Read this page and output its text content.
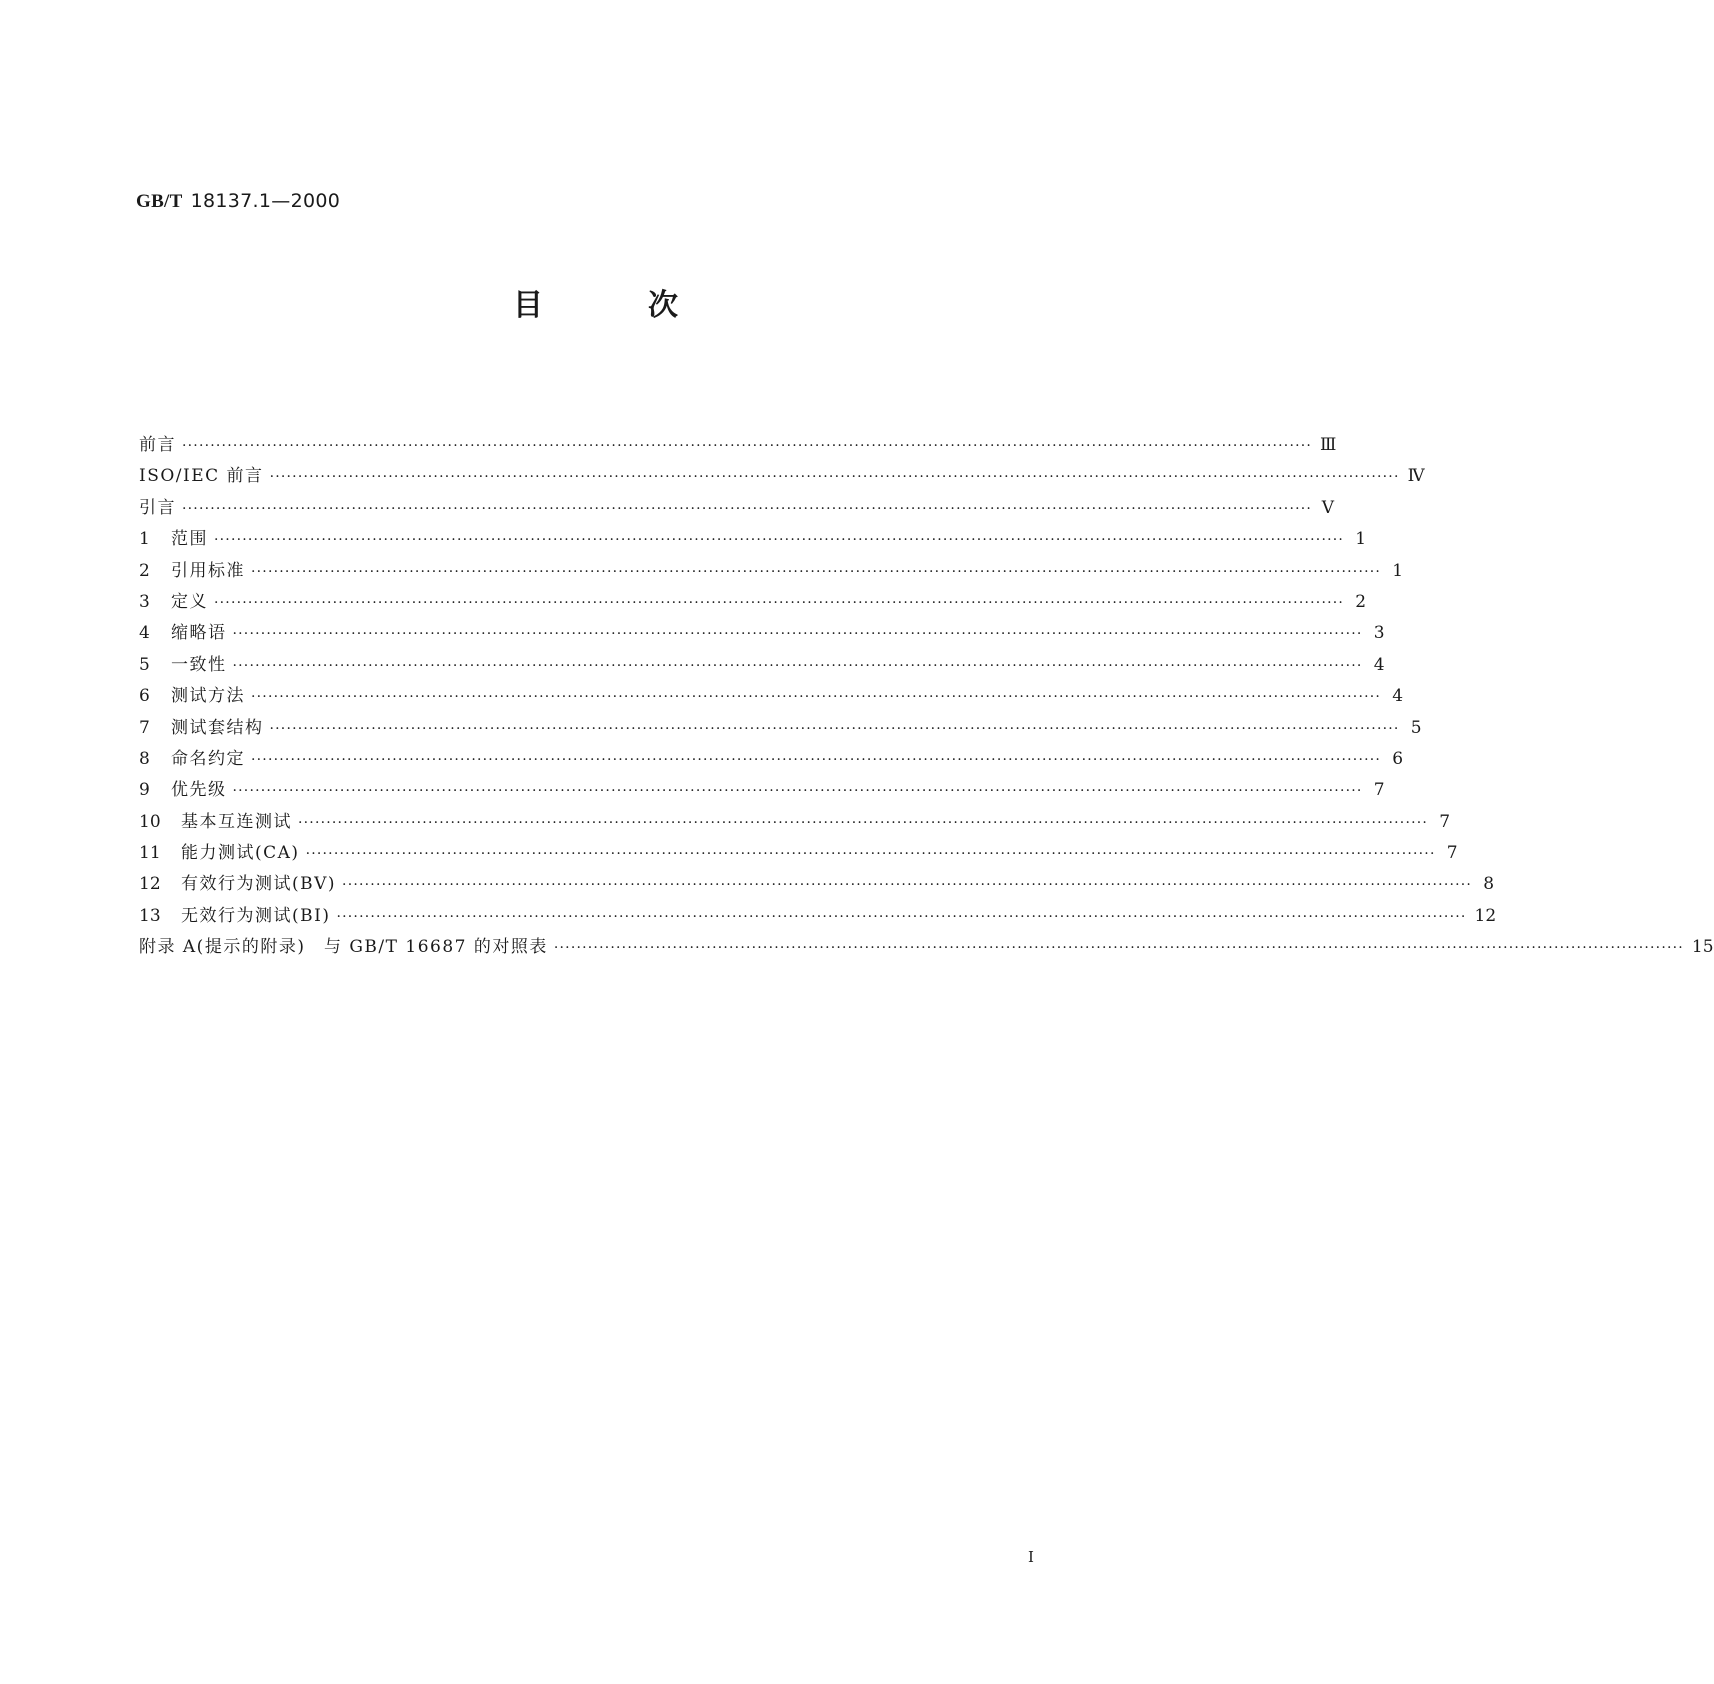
GB/T 18137.1—2000
目次
前言 ········································································································································································································ Ⅲ
ISO/IEC 前言 ········································································································································································································ Ⅳ
引言 ········································································································································································································ Ⅴ
1	范围 ········································································································································································································ 1
2	引用标准 ········································································································································································································ 1
3	定义 ········································································································································································································ 2
4	缩略语 ········································································································································································································ 3
5	一致性 ········································································································································································································ 4
6	测试方法 ········································································································································································································ 4
7	测试套结构 ········································································································································································································ 5
8	命名约定 ········································································································································································································ 6
9	优先级 ········································································································································································································ 7
10	基本互连测试 ········································································································································································································ 7
11	能力测试(CA) ········································································································································································································ 7
12	有效行为测试(BV) ········································································································································································································ 8
13	无效行为测试(BI) ········································································································································································································ 12
附录 A(提示的附录)　与 GB/T 16687 的对照表 ········································································································································································································ 15
I
